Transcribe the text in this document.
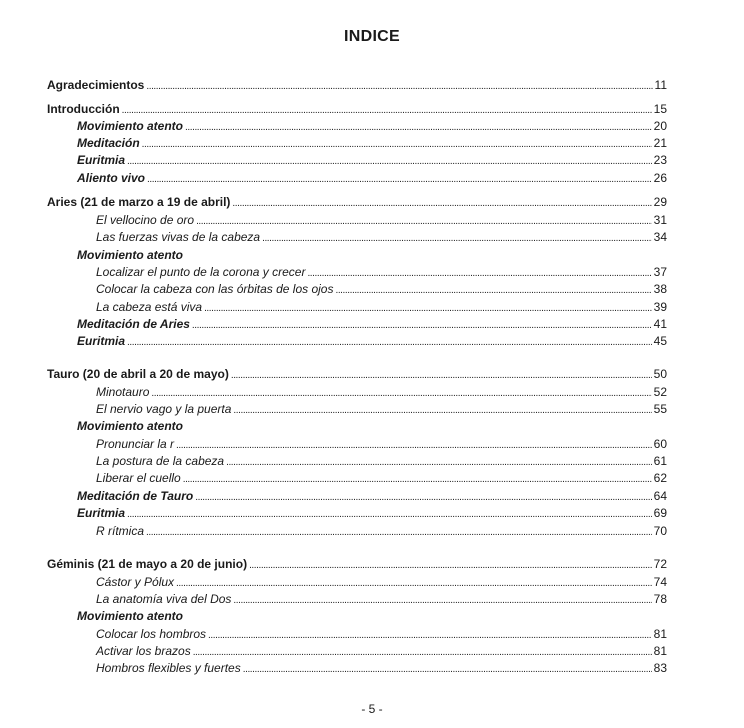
INDICE
Agradecimientos . . .	11
Introducción . . .	15
Movimiento atento . . .	20
Meditación . . .	21
Euritmia . . .	23
Aliento vivo . . .	26
Aries (21 de marzo a 19 de abril) . . .	29
El vellocino de oro . . .	31
Las fuerzas vivas de la cabeza . . .	34
Movimiento atento
Localizar el punto de la corona y crecer . . .	37
Colocar la cabeza con las órbitas de los ojos . . .	38
La cabeza está viva . . .	39
Meditación de Aries . . .	41
Euritmia . . .	45
Tauro (20 de abril a 20 de mayo) . . .	50
Minotauro . . .	52
El nervio vago y la puerta . . .	55
Movimiento atento
Pronunciar la r . . .	60
La postura de la cabeza . . .	61
Liberar el cuello . . .	62
Meditación de Tauro . . .	64
Euritmia . . .	69
R rítmica . . .	70
Géminis (21 de mayo a 20 de junio) . . .	72
Cástor y Pólux . . .	74
La anatomía viva del Dos . . .	78
Movimiento atento
Colocar los hombros . . .	81
Activar los brazos . . .	81
Hombros flexibles y fuertes . . .	83
- 5 -
